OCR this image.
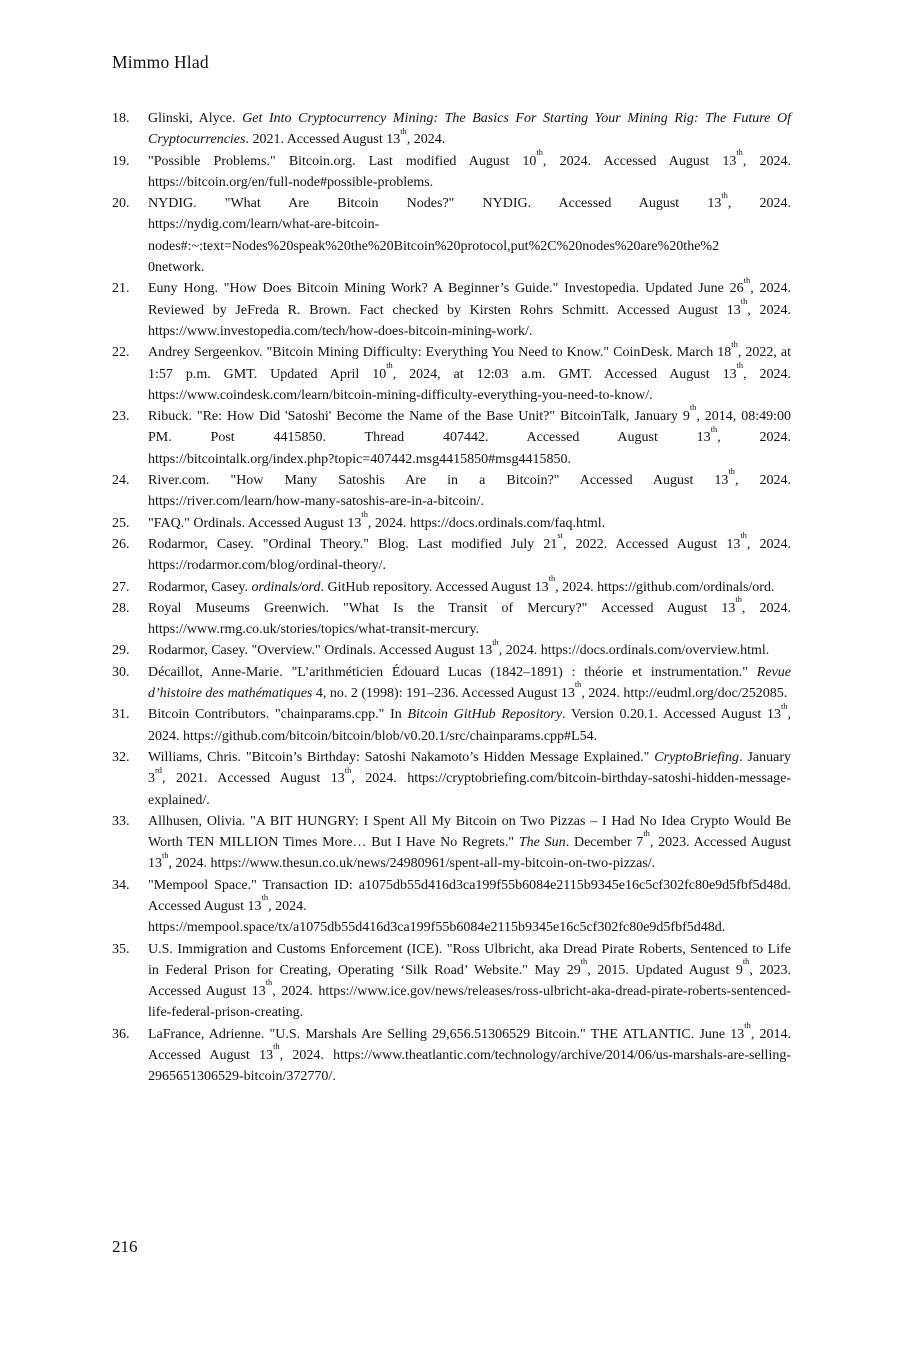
Mimmo Hlad
18.	Glinski, Alyce. Get Into Cryptocurrency Mining: The Basics For Starting Your Mining Rig: The Future Of Cryptocurrencies. 2021. Accessed August 13th, 2024.
19.	"Possible Problems." Bitcoin.org. Last modified August 10th, 2024. Accessed August 13th, 2024. https://bitcoin.org/en/full-node#possible-problems.
20.	NYDIG. "What Are Bitcoin Nodes?" NYDIG. Accessed August 13th, 2024. https://nydig.com/learn/what-are-bitcoin-
nodes#:~:text=Nodes%20speak%20the%20Bitcoin%20protocol,put%2C%20nodes%20are%20the%2
0network.
21.	Euny Hong. "How Does Bitcoin Mining Work? A Beginner’s Guide." Investopedia. Updated June 26th, 2024. Reviewed by JeFreda R. Brown. Fact checked by Kirsten Rohrs Schmitt. Accessed August 13th, 2024. https://www.investopedia.com/tech/how-does-bitcoin-mining-work/.
22.	Andrey Sergeenkov. "Bitcoin Mining Difficulty: Everything You Need to Know." CoinDesk. March 18th, 2022, at 1:57 p.m. GMT. Updated April 10th, 2024, at 12:03 a.m. GMT. Accessed August 13th, 2024. https://www.coindesk.com/learn/bitcoin-mining-difficulty-everything-you-need-to-know/.
23.	Ribuck. "Re: How Did 'Satoshi' Become the Name of the Base Unit?" BitcoinTalk, January 9th, 2014, 08:49:00 PM. Post 4415850. Thread 407442. Accessed August 13th, 2024. https://bitcointalk.org/index.php?topic=407442.msg4415850#msg4415850.
24.	River.com. "How Many Satoshis Are in a Bitcoin?" Accessed August 13th, 2024. https://river.com/learn/how-many-satoshis-are-in-a-bitcoin/.
25.	"FAQ." Ordinals. Accessed August 13th, 2024. https://docs.ordinals.com/faq.html.
26.	Rodarmor, Casey. "Ordinal Theory." Blog. Last modified July 21st, 2022. Accessed August 13th, 2024. https://rodarmor.com/blog/ordinal-theory/.
27.	Rodarmor, Casey. ordinals/ord. GitHub repository. Accessed August 13th, 2024. https://github.com/ordinals/ord.
28.	Royal Museums Greenwich. "What Is the Transit of Mercury?" Accessed August 13th, 2024. https://www.rmg.co.uk/stories/topics/what-transit-mercury.
29.	Rodarmor, Casey. "Overview." Ordinals. Accessed August 13th, 2024. https://docs.ordinals.com/overview.html.
30.	Décaillot, Anne-Marie. "L’arithméticien Édouard Lucas (1842–1891) : théorie et instrumentation." Revue d’histoire des mathématiques 4, no. 2 (1998): 191–236. Accessed August 13th, 2024. http://eudml.org/doc/252085.
31.	Bitcoin Contributors. "chainparams.cpp." In Bitcoin GitHub Repository. Version 0.20.1. Accessed August 13th, 2024. https://github.com/bitcoin/bitcoin/blob/v0.20.1/src/chainparams.cpp#L54.
32.	Williams, Chris. "Bitcoin’s Birthday: Satoshi Nakamoto’s Hidden Message Explained." CryptoBriefing. January 3rd, 2021. Accessed August 13th, 2024. https://cryptobriefing.com/bitcoin-birthday-satoshi-hidden-message-explained/.
33.	Allhusen, Olivia. "A BIT HUNGRY: I Spent All My Bitcoin on Two Pizzas – I Had No Idea Crypto Would Be Worth TEN MILLION Times More… But I Have No Regrets." The Sun. December 7th, 2023. Accessed August 13th, 2024. https://www.thesun.co.uk/news/24980961/spent-all-my-bitcoin-on-two-pizzas/.
34.	"Mempool Space." Transaction ID: a1075db55d416d3ca199f55b6084e2115b9345e16c5cf302fc80e9d5fbf5d48d. Accessed August 13th, 2024.
https://mempool.space/tx/a1075db55d416d3ca199f55b6084e2115b9345e16c5cf302fc80e9d5fbf5d48d.
35.	U.S. Immigration and Customs Enforcement (ICE). "Ross Ulbricht, aka Dread Pirate Roberts, Sentenced to Life in Federal Prison for Creating, Operating ‘Silk Road’ Website." May 29th, 2015. Updated August 9th, 2023. Accessed August 13th, 2024. https://www.ice.gov/news/releases/ross-ulbricht-aka-dread-pirate-roberts-sentenced-life-federal-prison-creating.
36.	LaFrance, Adrienne. "U.S. Marshals Are Selling 29,656.51306529 Bitcoin." THE ATLANTIC. June 13th, 2014. Accessed August 13th, 2024. https://www.theatlantic.com/technology/archive/2014/06/us-marshals-are-selling-2965651306529-bitcoin/372770/.
216
